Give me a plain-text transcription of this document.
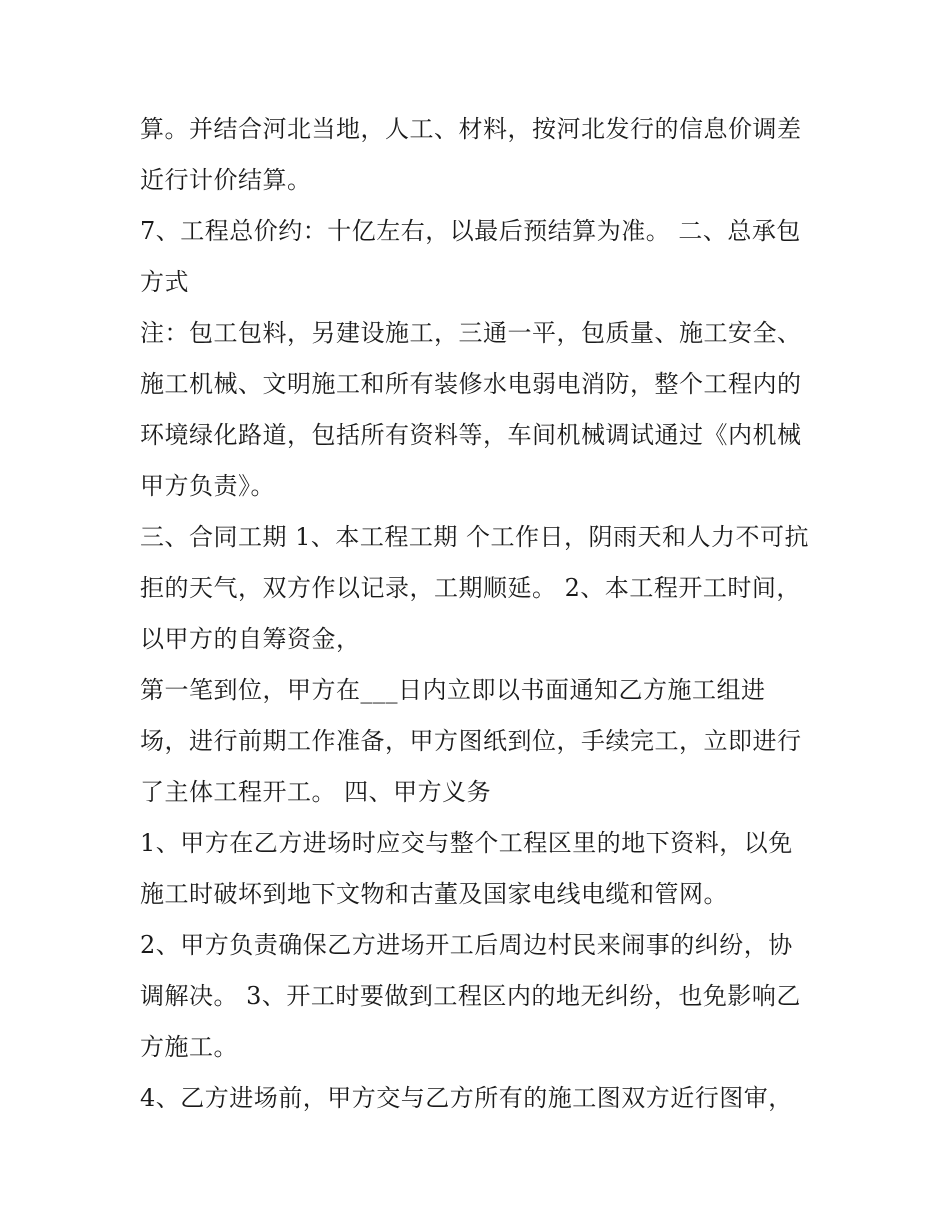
算。并结合河北当地，人工、材料，按河北发行的信息价调差
近行计价结算。
7、工程总价约：十亿左右，以最后预结算为准。 二、总承包
方式
注：包工包料，另建设施工，三通一平，包质量、施工安全、
施工机械、文明施工和所有装修水电弱电消防，整个工程内的
环境绿化路道，包括所有资料等，车间机械调试通过《内机械
甲方负责》。
三、合同工期 1、本工程工期 个工作日，阴雨天和人力不可抗
拒的天气，双方作以记录，工期顺延。 2、本工程开工时间，
以甲方的自筹资金，
第一笔到位，甲方在___日内立即以书面通知乙方施工组进
场，进行前期工作准备，甲方图纸到位，手续完工，立即进行
了主体工程开工。 四、甲方义务
1、甲方在乙方进场时应交与整个工程区里的地下资料，以免
施工时破坏到地下文物和古董及国家电线电缆和管网。
2、甲方负责确保乙方进场开工后周边村民来闹事的纠纷，协
调解决。 3、开工时要做到工程区内的地无纠纷，也免影响乙
方施工。
4、乙方进场前，甲方交与乙方所有的施工图双方近行图审，
